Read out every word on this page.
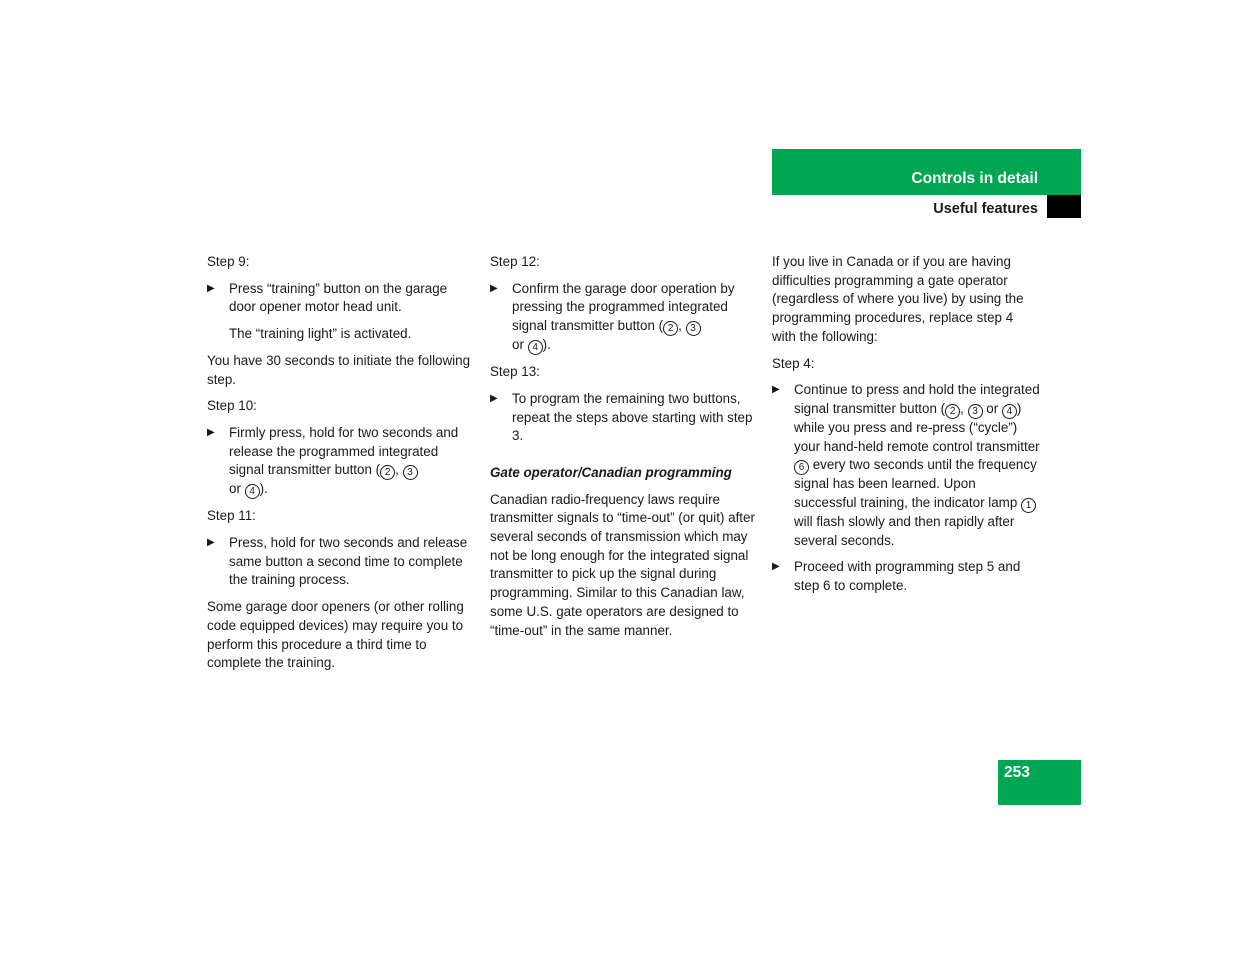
Controls in detail
Useful features

Step 9:

▶ Press “training” button on the garage door opener motor head unit.

The “training light” is activated.

You have 30 seconds to initiate the following step.

Step 10:

▶ Firmly press, hold for two seconds and release the programmed integrated signal transmitter button ( 2 , 3
or 4 ).

Step 11:

▶ Press, hold for two seconds and release same button a second time to complete the training process.

Some garage door openers (or other rolling code equipped devices) may require you to perform this procedure a third time to complete the training.

Step 12:

▶ Confirm the garage door operation by pressing the programmed integrated signal transmitter button ( 2 , 3
or 4 ).

Step 13:

▶ To program the remaining two buttons, repeat the steps above starting with step 3.

Gate operator/Canadian programming

Canadian radio-frequency laws require transmitter signals to “time-out” (or quit) after several seconds of transmission which may not be long enough for the integrated signal transmitter to pick up the signal during programming. Similar to this Canadian law, some U.S. gate operators are designed to “time-out” in the same manner.

If you live in Canada or if you are having difficulties programming a gate operator (regardless of where you live) by using the programming procedures, replace step 4 with the following:

Step 4:

▶ Continue to press and hold the integrated signal transmitter button ( 2 , 3 or 4 ) while you press and re-press (“cycle”) your hand-held remote control transmitter 6 every two seconds until the frequency signal has been learned. Upon successful training, the indicator lamp 1 will flash slowly and then rapidly after several seconds.
▶ Proceed with programming step 5 and step 6 to complete.
253
